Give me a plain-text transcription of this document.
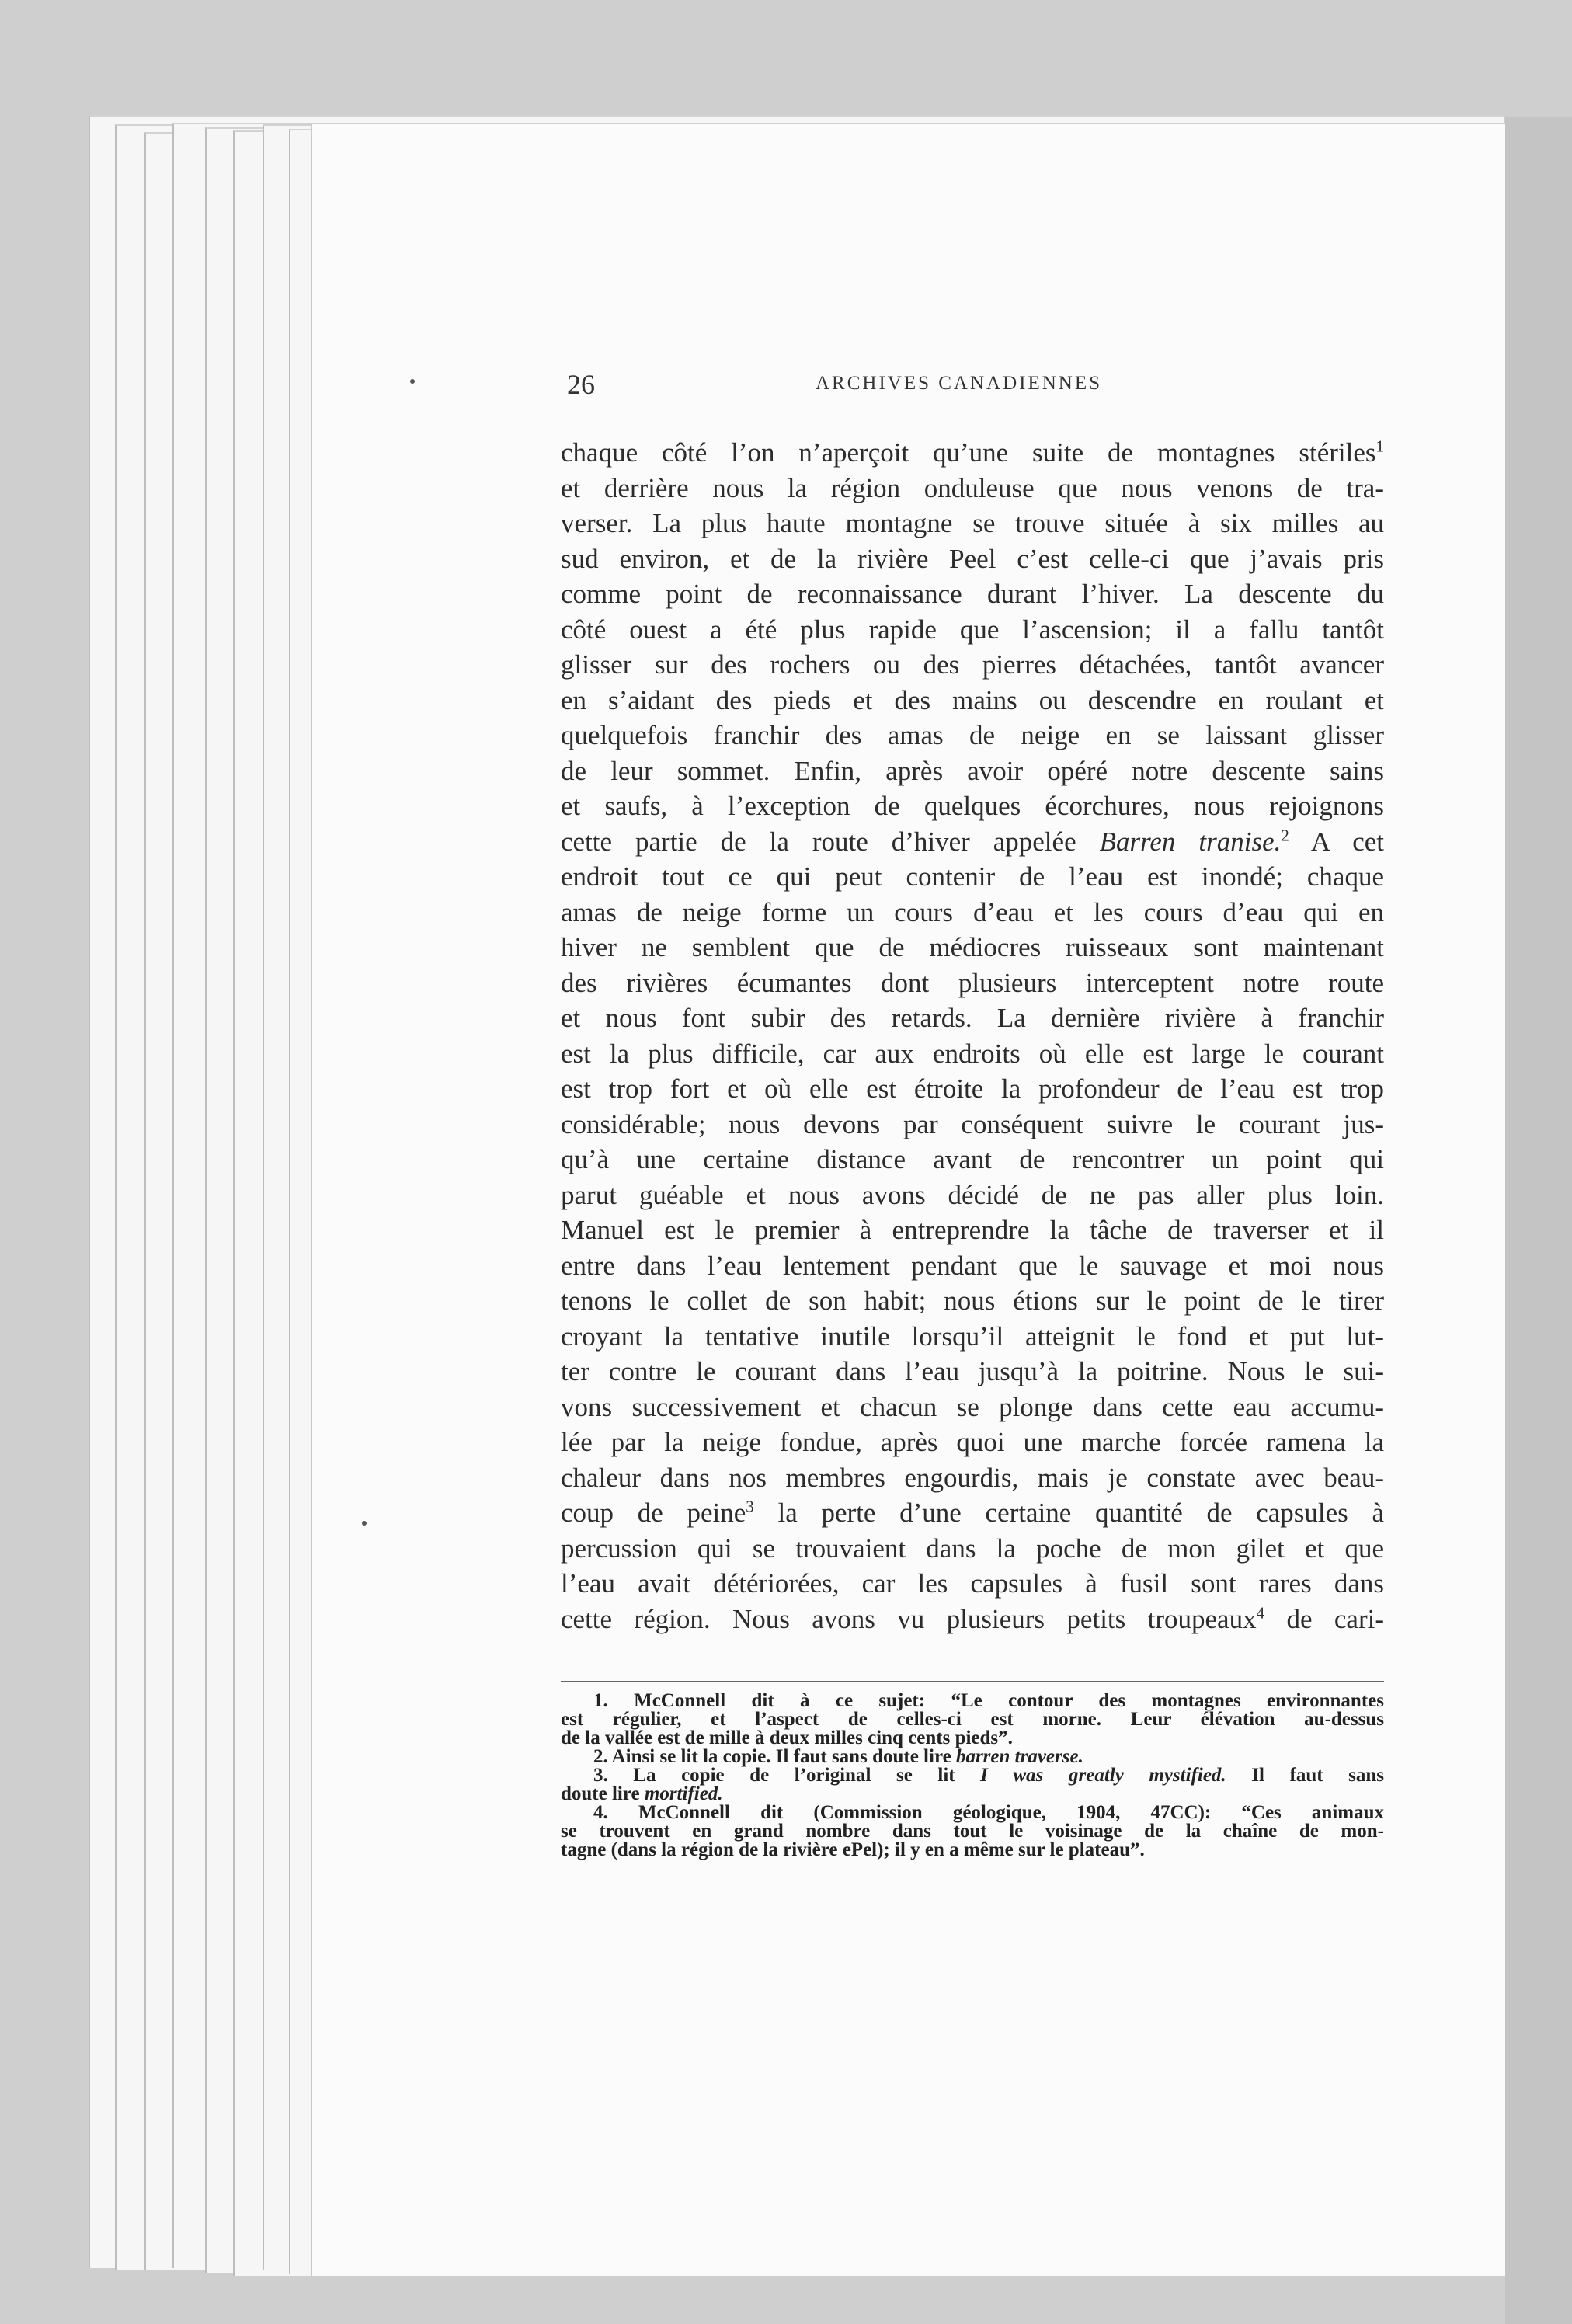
26	ARCHIVES CANADIENNES
chaque côté l’on n’aperçoit qu’une suite de montagnes stériles$^1$
et derrière nous la région onduleuse que nous venons de tra-
verser. La plus haute montagne se trouve située à six milles au
sud environ, et de la rivière Peel c’est celle-ci que j’avais pris
comme point de reconnaissance durant l’hiver. La descente du
côté ouest a été plus rapide que l’ascension; il a fallu tantôt
glisser sur des rochers ou des pierres détachées, tantôt avancer
en s’aidant des pieds et des mains ou descendre en roulant et
quelquefois franchir des amas de neige en se laissant glisser
de leur sommet. Enfin, après avoir opéré notre descente sains
et saufs, à l’exception de quelques écorchures, nous rejoignons
cette partie de la route d’hiver appelée Barren tranise.$^2$ A cet
endroit tout ce qui peut contenir de l’eau est inondé; chaque
amas de neige forme un cours d’eau et les cours d’eau qui en
hiver ne semblent que de médiocres ruisseaux sont maintenant
des rivières écumantes dont plusieurs interceptent notre route
et nous font subir des retards. La dernière rivière à franchir
est la plus difficile, car aux endroits où elle est large le courant
est trop fort et où elle est étroite la profondeur de l’eau est trop
considérable; nous devons par conséquent suivre le courant jus-
qu’à une certaine distance avant de rencontrer un point qui
parut guéable et nous avons décidé de ne pas aller plus loin.
Manuel est le premier à entreprendre la tâche de traverser et il
entre dans l’eau lentement pendant que le sauvage et moi nous
tenons le collet de son habit; nous étions sur le point de le tirer
croyant la tentative inutile lorsqu’il atteignit le fond et put lut-
ter contre le courant dans l’eau jusqu’à la poitrine. Nous le sui-
vons successivement et chacun se plonge dans cette eau accumu-
lée par la neige fondue, après quoi une marche forcée ramena la
chaleur dans nos membres engourdis, mais je constate avec beau-
coup de peine$^3$ la perte d’une certaine quantité de capsules à
percussion qui se trouvaient dans la poche de mon gilet et que
l’eau avait détériorées, car les capsules à fusil sont rares dans
cette région. Nous avons vu plusieurs petits troupeaux$^4$ de cari-
1. McConnell dit à ce sujet: “Le contour des montagnes environnantes
est régulier, et l’aspect de celles-ci est morne. Leur élévation au-dessus
de la vallée est de mille à deux milles cinq cents pieds”.
2. Ainsi se lit la copie. Il faut sans doute lire barren traverse.
3. La copie de l’original se lit I was greatly mystified. Il faut sans
doute lire mortified.
4. McConnell dit (Commission géologique, 1904, 47CC): “Ces animaux
se trouvent en grand nombre dans tout le voisinage de la chaîne de mon-
tagne (dans la région de la rivière ePel); il y en a même sur le plateau”.
